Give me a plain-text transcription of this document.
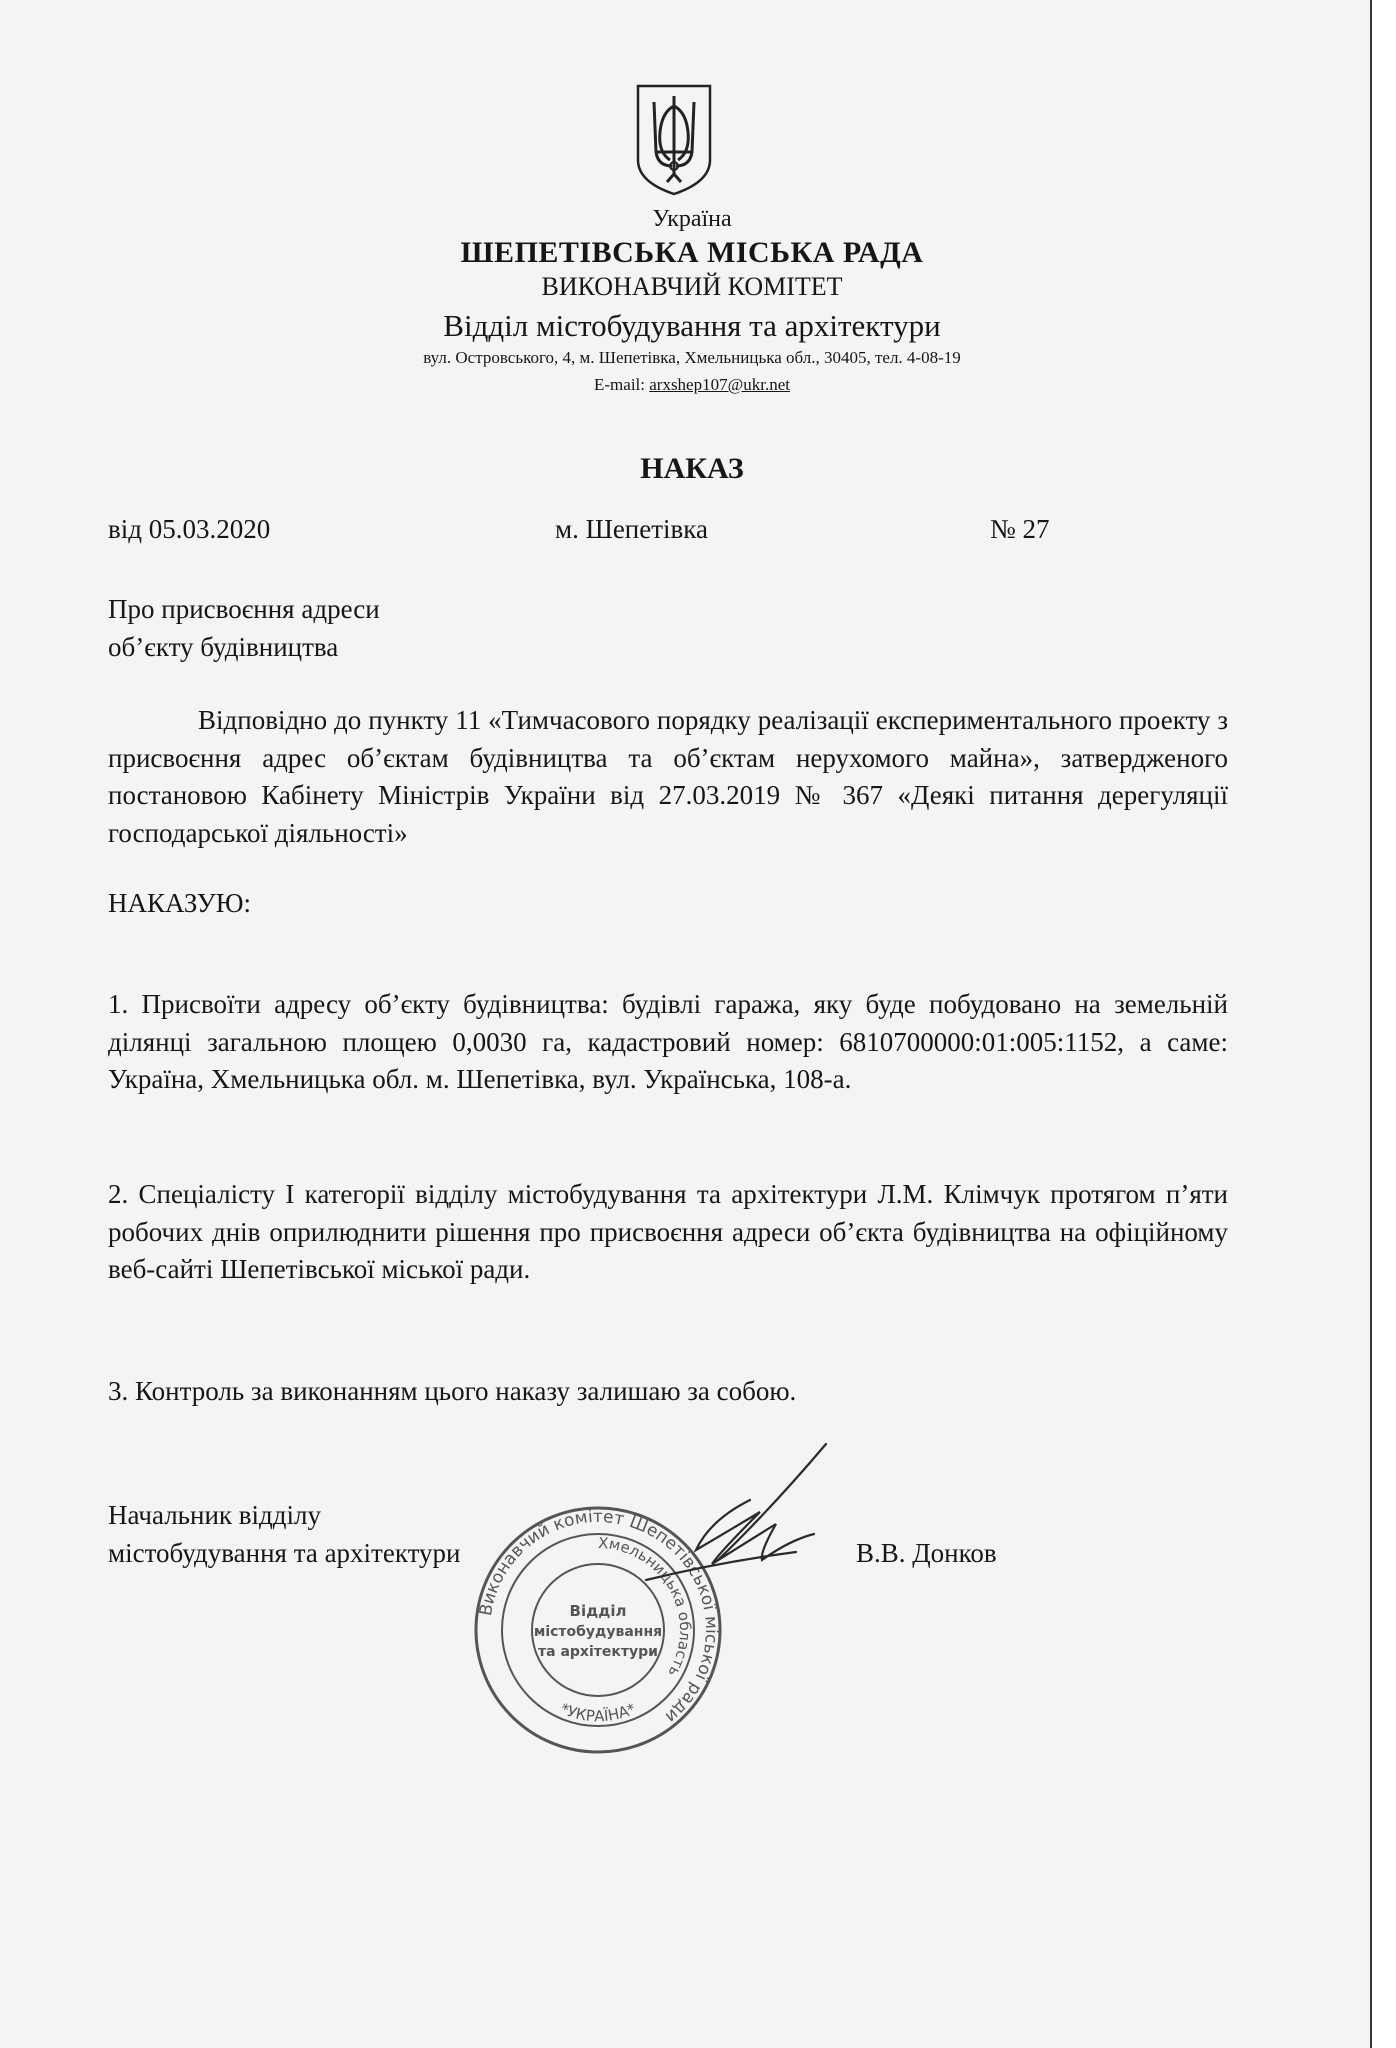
Україна
ШЕПЕТІВСЬКА МІСЬКА РАДА
ВИКОНАВЧИЙ КОМІТЕТ
Відділ містобудування та архітектури
вул. Островського, 4, м. Шепетівка, Хмельницька обл., 30405, тел. 4-08-19
E-mail: arxshep107@ukr.net
НАКАЗ
від 05.03.2020	м. Шепетівка	№ 27
Про присвоєння адреси
об’єкту будівництва
Відповідно до пункту 11 «Тимчасового порядку реалізації експериментального проекту з присвоєння адрес об’єктам будівництва та об’єктам нерухомого майна», затвердженого постановою Кабінету Міністрів України від 27.03.2019 № 367 «Деякі питання дерегуляції господарської діяльності»
НАКАЗУЮ:
1. Присвоїти адресу об’єкту будівництва: будівлі гаража, яку буде побудовано на земельній ділянці загальною площею 0,0030 га, кадастровий номер: 6810700000:01:005:1152, а саме: Україна, Хмельницька обл. м. Шепетівка, вул. Українська, 108-а.
2. Спеціалісту І категорії відділу містобудування та архітектури Л.М. Клімчук протягом п’яти робочих днів оприлюднити рішення про присвоєння адреси об’єкта будівництва на офіційному веб-сайті Шепетівської міської ради.
3. Контроль за виконанням цього наказу залишаю за собою.
Начальник відділу
містобудування та архітектури	В.В. Донков
Виконавчий комітет Шепетівської міської ради
Хмельницька область
*УКРАЇНА*
Відділ
містобудування
та архітектури
